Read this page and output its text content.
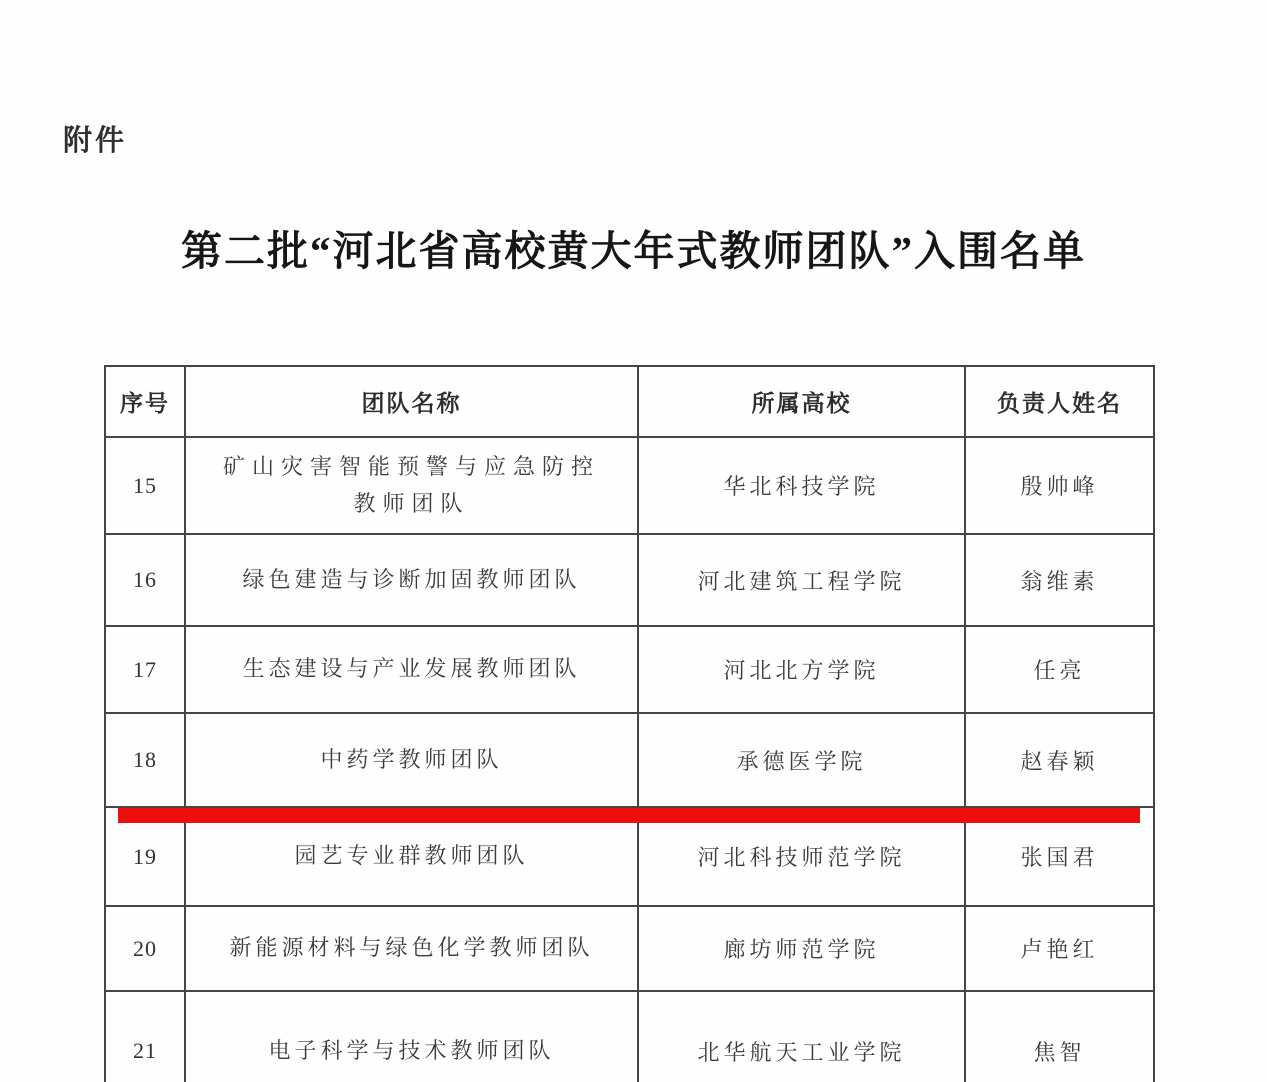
附件
第二批“河北省高校黄大年式教师团队”入围名单
序号	团队名称	所属高校	负责人姓名
15	矿山灾害智能预警与应急防控教师团队	华北科技学院	殷帅峰
16	绿色建造与诊断加固教师团队	河北建筑工程学院	翁维素
17	生态建设与产业发展教师团队	河北北方学院	任亮
18	中药学教师团队	承德医学院	赵春颖
19	园艺专业群教师团队	河北科技师范学院	张国君
20	新能源材料与绿色化学教师团队	廊坊师范学院	卢艳红
21	电子科学与技术教师团队	北华航天工业学院	焦智
